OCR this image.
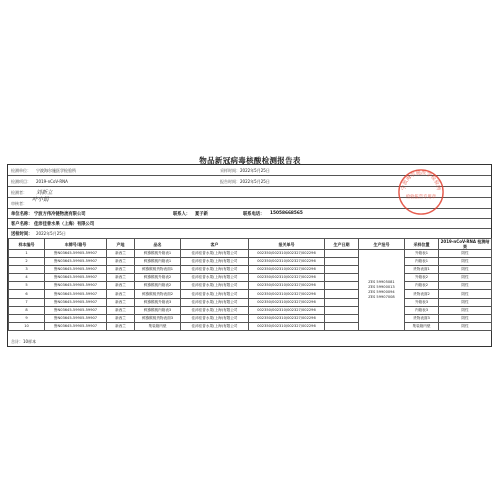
物品新冠病毒核酸检测报告表
检测单位： 宁波海尔施医学检验所	采样时间： 2022年5月25日
检测项目： 2019-nCoV-RNA	报告时间： 2022年5月25日
检测者： 刘新立
审核者：
叶小娟
单位名称： 宁波方伟冷链物流有限公司	联系人： 夏子新	联系电话： 15058668565
客户名称： 佳沛佳普水果（上海）有限公司
送检时间： 2022年5月25日
样本编号	车牌号/箱号	产地	品名	客户	报关单号	生产日期	生产批号	采样位置	2019-nCoV-RNA 检测结果
1	鲁N03645-59905-59907	新西兰	鲜猕猴桃外箱表1	佳沛佳普水果(上海)有限公司	002350/002310/002327/002296		ZES 59905081
ZES 59900013
ZES 59900094
ZES 59907008	外箱表1	阴性
2	鲁N03645-59905-59907	新西兰	鲜猕猴桃内箱表1	佳沛佳普水果(上海)有限公司	002350/002310/002327/002296			内箱表1	阴性
3	鲁N03645-59905-59907	新西兰	鲜猕猴桃货物表面1	佳沛佳普水果(上海)有限公司	002350/002310/002327/002296			货物表面1	阴性
4	鲁N03645-59905-59907	新西兰	鲜猕猴桃外箱表2	佳沛佳普水果(上海)有限公司	002350/002310/002327/002296			外箱表2	阴性
5	鲁N03645-59905-59907	新西兰	鲜猕猴桃内箱表2	佳沛佳普水果(上海)有限公司	002350/002310/002327/002296			内箱表2	阴性
6	鲁N03645-59905-59907	新西兰	鲜猕猴桃货物表面2	佳沛佳普水果(上海)有限公司	002350/002310/002327/002296			货物表面2	阴性
7	鲁N03645-59905-59907	新西兰	鲜猕猴桃外箱表3	佳沛佳普水果(上海)有限公司	002350/002310/002327/002296			外箱表3	阴性
8	鲁N03645-59905-59907	新西兰	鲜猕猴桃内箱表3	佳沛佳普水果(上海)有限公司	002350/002310/002327/002296			内箱表3	阴性
9	鲁N03645-59905-59907	新西兰	鲜猕猴桃货物表面3	佳沛佳普水果(上海)有限公司	002350/002310/002327/002296			货物表面3	阴性
10	鲁N03645-59905-59907	新西兰	集装箱内壁	佳沛佳普水果(上海)有限公司	002350/002310/002327/002296			集装箱内壁	阴性
合计：10样本
宁波海尔施医学检验所
检验报告专用章
